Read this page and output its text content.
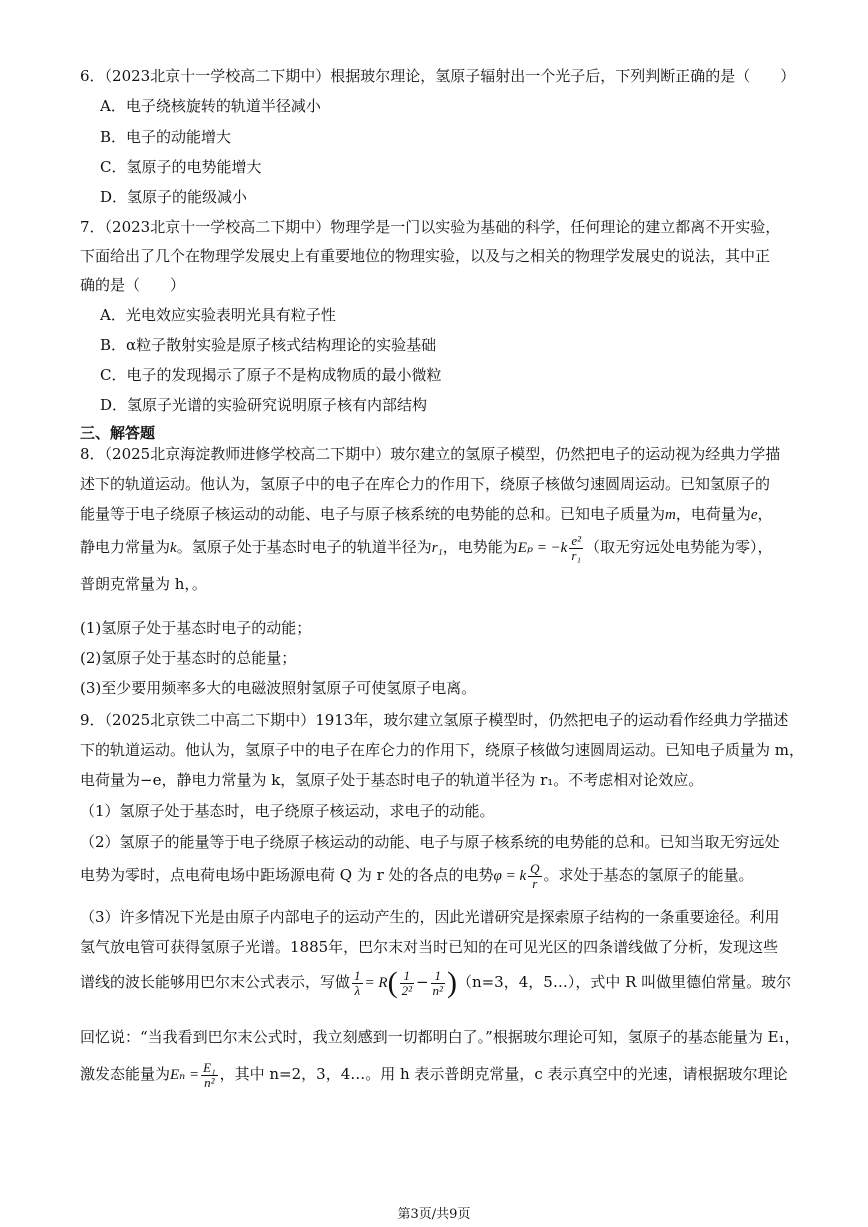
6．（2023北京十一学校高二下期中）根据玻尔理论，氢原子辐射出一个光子后，下列判断正确的是（　　）
A．电子绕核旋转的轨道半径减小
B．电子的动能增大
C．氢原子的电势能增大
D．氢原子的能级减小
7．（2023北京十一学校高二下期中）物理学是一门以实验为基础的科学，任何理论的建立都离不开实验，
下面给出了几个在物理学发展史上有重要地位的物理实验，以及与之相关的物理学发展史的说法，其中正
确的是（　　）
A．光电效应实验表明光具有粒子性
B．α粒子散射实验是原子核式结构理论的实验基础
C．电子的发现揭示了原子不是构成物质的最小微粒
D．氢原子光谱的实验研究说明原子核有内部结构
三、解答题
8．（2025北京海淀教师进修学校高二下期中）玻尔建立的氢原子模型，仍然把电子的运动视为经典力学描
述下的轨道运动。他认为，氢原子中的电子在库仑力的作用下，绕原子核做匀速圆周运动。已知氢原子的
能量等于电子绕原子核运动的动能、电子与原子核系统的电势能的总和。已知电子质量为m，电荷量为e，
静电力常量为k。氢原子处于基态时电子的轨道半径为r₁，电势能为$E_p = -k \frac{\text{e²}}{\text{r₁}}$ （取无穷远处电势能为零），
普朗克常量为 h，。
(1)氢原子处于基态时电子的动能；
(2)氢原子处于基态时的总能量；
(3)至少要用频率多大的电磁波照射氢原子可使氢原子电离。
9．（2025北京铁二中高二下期中）1913年，玻尔建立氢原子模型时，仍然把电子的运动看作经典力学描述
下的轨道运动。他认为，氢原子中的电子在库仑力的作用下，绕原子核做匀速圆周运动。已知电子质量为 m，
电荷量为−e，静电力常量为 k，氢原子处于基态时电子的轨道半径为 r₁。不考虑相对论效应。
（1）氢原子处于基态时，电子绕原子核运动，求电子的动能。
（2）氢原子的能量等于电子绕原子核运动的动能、电子与原子核系统的电势能的总和。已知当取无穷远处
电势为零时，点电荷电场中距场源电荷 Q 为 r 处的各点的电势φ = k $\frac{Q}{r}$ 。求处于基态的氢原子的能量。
（3）许多情况下光是由原子内部电子的运动产生的，因此光谱研究是探索原子结构的一条重要途径。利用
氢气放电管可获得氢原子光谱。1885年，巴尔末对当时已知的在可见光区的四条谱线做了分析，发现这些
谱线的波长能够用巴尔末公式表示，写做 $\frac{1}{\lambda} = R( \frac{1}{\text{2²}} - \frac{1}{\text{n²}} )(n=3$，4，5…），式中 R 叫做里德伯常量。玻尔
回忆说：“当我看到巴尔末公式时，我立刻感到一切都明白了。”根据玻尔理论可知，氢原子的基态能量为 E₁，
激发态能量为$E_n = \frac{\text{E₁}}{\text{n²}}$ ，其中 n=2，3，4…。用 h 表示普朗克常量，c 表示真空中的光速，请根据玻尔理论
第3页/共9页
